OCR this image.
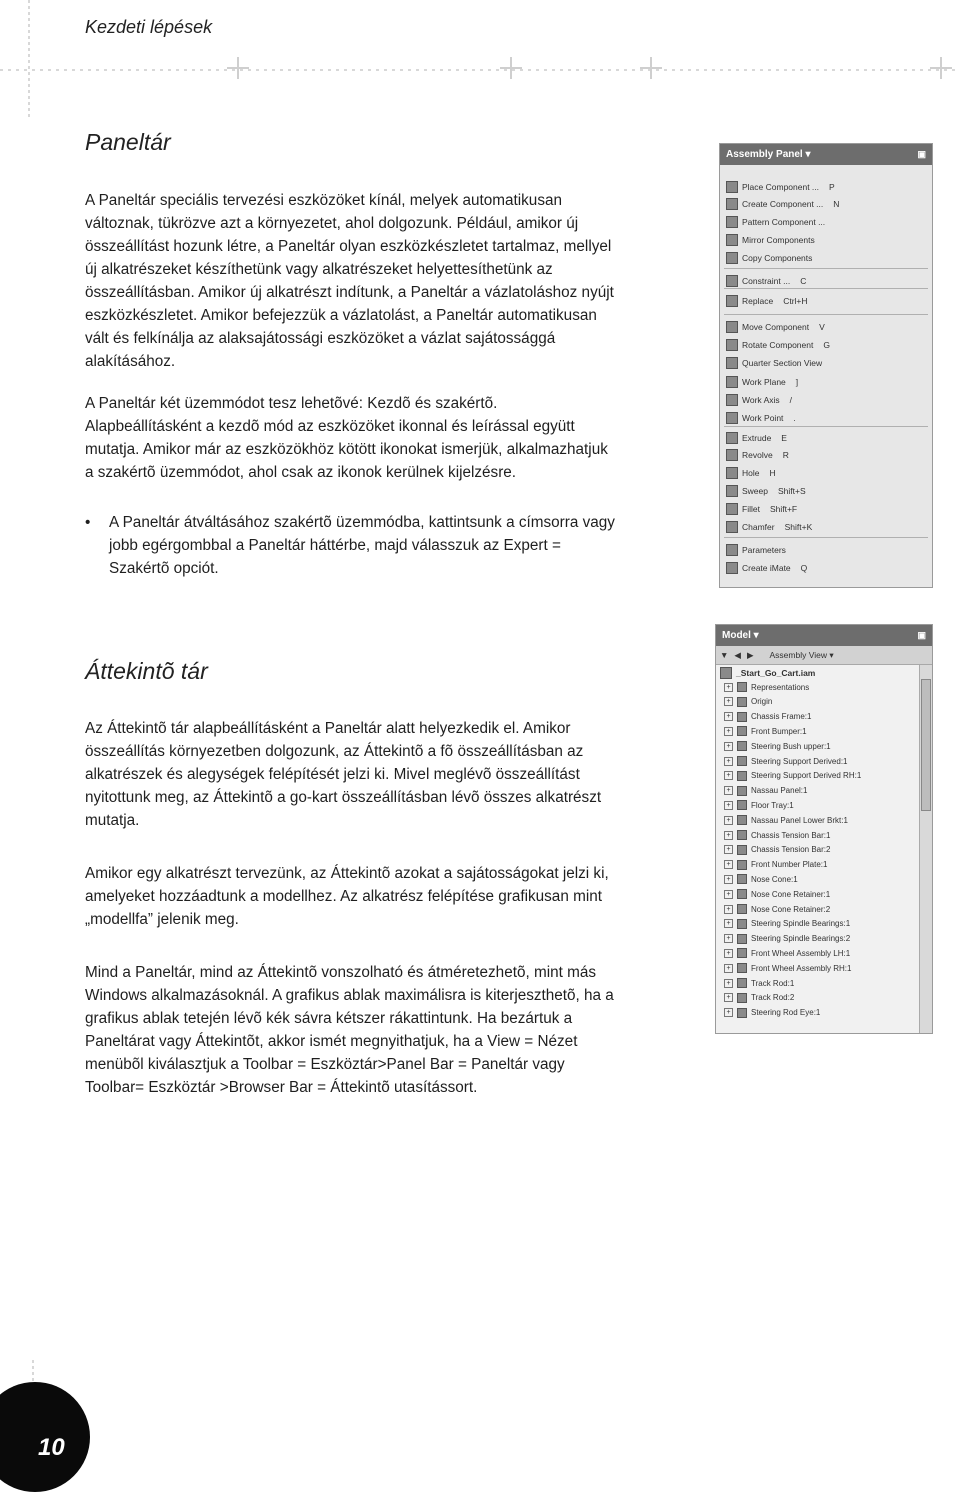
Kezdeti lépések
Paneltár

A Paneltár speciális tervezési eszközöket kínál, melyek automatikusan változnak, tükrözve azt a környezetet, ahol dolgozunk. Például, amikor új összeállítást hozunk létre, a Paneltár olyan eszközkészletet tartalmaz, mellyel új alkatrészeket készíthetünk vagy alkatrészeket helyettesíthetünk az összeállításban. Amikor új alkatrészt indítunk, a Paneltár a vázlatoláshoz nyújt eszközkészletet. Amikor befejezzük a vázlatolást, a Paneltár automatikusan vált és felkínálja az alaksajátossági eszközöket a vázlat sajátossággá alakításához.

A Paneltár két üzemmódot tesz lehetõvé: Kezdõ és szakértõ. Alapbeállításként a kezdõ mód az eszközöket ikonnal és leírással együtt mutatja. Amikor már az eszközökhöz kötött ikonokat ismerjük, alkalmazhatjuk a szakértõ üzemmódot, ahol csak az ikonok kerülnek kijelzésre.

•	A Paneltár átváltásához szakértõ üzemmódba, kattintsunk a címsorra vagy jobb egérgombbal a Paneltár háttérbe, majd válasszuk az Expert = Szakértõ opciót.
Áttekintõ tár

Az Áttekintõ tár alapbeállításként a Paneltár alatt helyezkedik el. Amikor összeállítás környezetben dolgozunk, az Áttekintõ a fõ összeállításban az alkatrészek és alegységek felépítését jelzi ki. Mivel meglévõ összeállítást nyitottunk meg, az Áttekintõ a go-kart összeállításban lévõ összes alkatrészt mutatja.

Amikor egy alkatrészt tervezünk, az Áttekintõ azokat a sajátosságokat jelzi ki, amelyeket hozzáadtunk a modellhez. Az alkatrész felépítése grafikusan mint „modellfa” jelenik meg.

Mind a Paneltár, mind az Áttekintõ vonszolható és átméretezhetõ, mint más Windows alkalmazásoknál. A grafikus ablak maximálisra is kiterjeszthetõ, ha a grafikus ablak tetején lévõ kék sávra kétszer rákattintunk. Ha bezártuk a Paneltárat vagy Áttekintõt, akkor ismét megnyithatjuk, ha a View = Nézet menübõl kiválasztjuk a Toolbar = Eszköztár>Panel Bar = Paneltár vagy Toolbar= Eszköztár >Browser Bar = Áttekintõ utasítássort.

Assembly Panel ▾	▣
Place Component ... P
Create Component ... N
Pattern Component ...
Mirror Components
Copy Components
Constraint ... C
Replace Ctrl+H
Move Component V
Rotate Component G
Quarter Section View
Work Plane ]
Work Axis /
Work Point .
Extrude E
Revolve R
Hole H
Sweep Shift+S
Fillet Shift+F
Chamfer Shift+K
Parameters
Create iMate Q
Model ▾	▣
▼ ◀ ▶ Assembly View ▾
_Start_Go_Cart.iam
+	Representations
+	Origin
+	Chassis Frame:1
+	Front Bumper:1
+	Steering Bush upper:1
+	Steering Support Derived:1
+	Steering Support Derived RH:1
+	Nassau Panel:1
+	Floor Tray:1
+	Nassau Panel Lower Brkt:1
+	Chassis Tension Bar:1
+	Chassis Tension Bar:2
+	Front Number Plate:1
+	Nose Cone:1
+	Nose Cone Retainer:1
+	Nose Cone Retainer:2
+	Steering Spindle Bearings:1
+	Steering Spindle Bearings:2
+	Front Wheel Assembly LH:1
+	Front Wheel Assembly RH:1
+	Track Rod:1
+	Track Rod:2
+	Steering Rod Eye:1
10
